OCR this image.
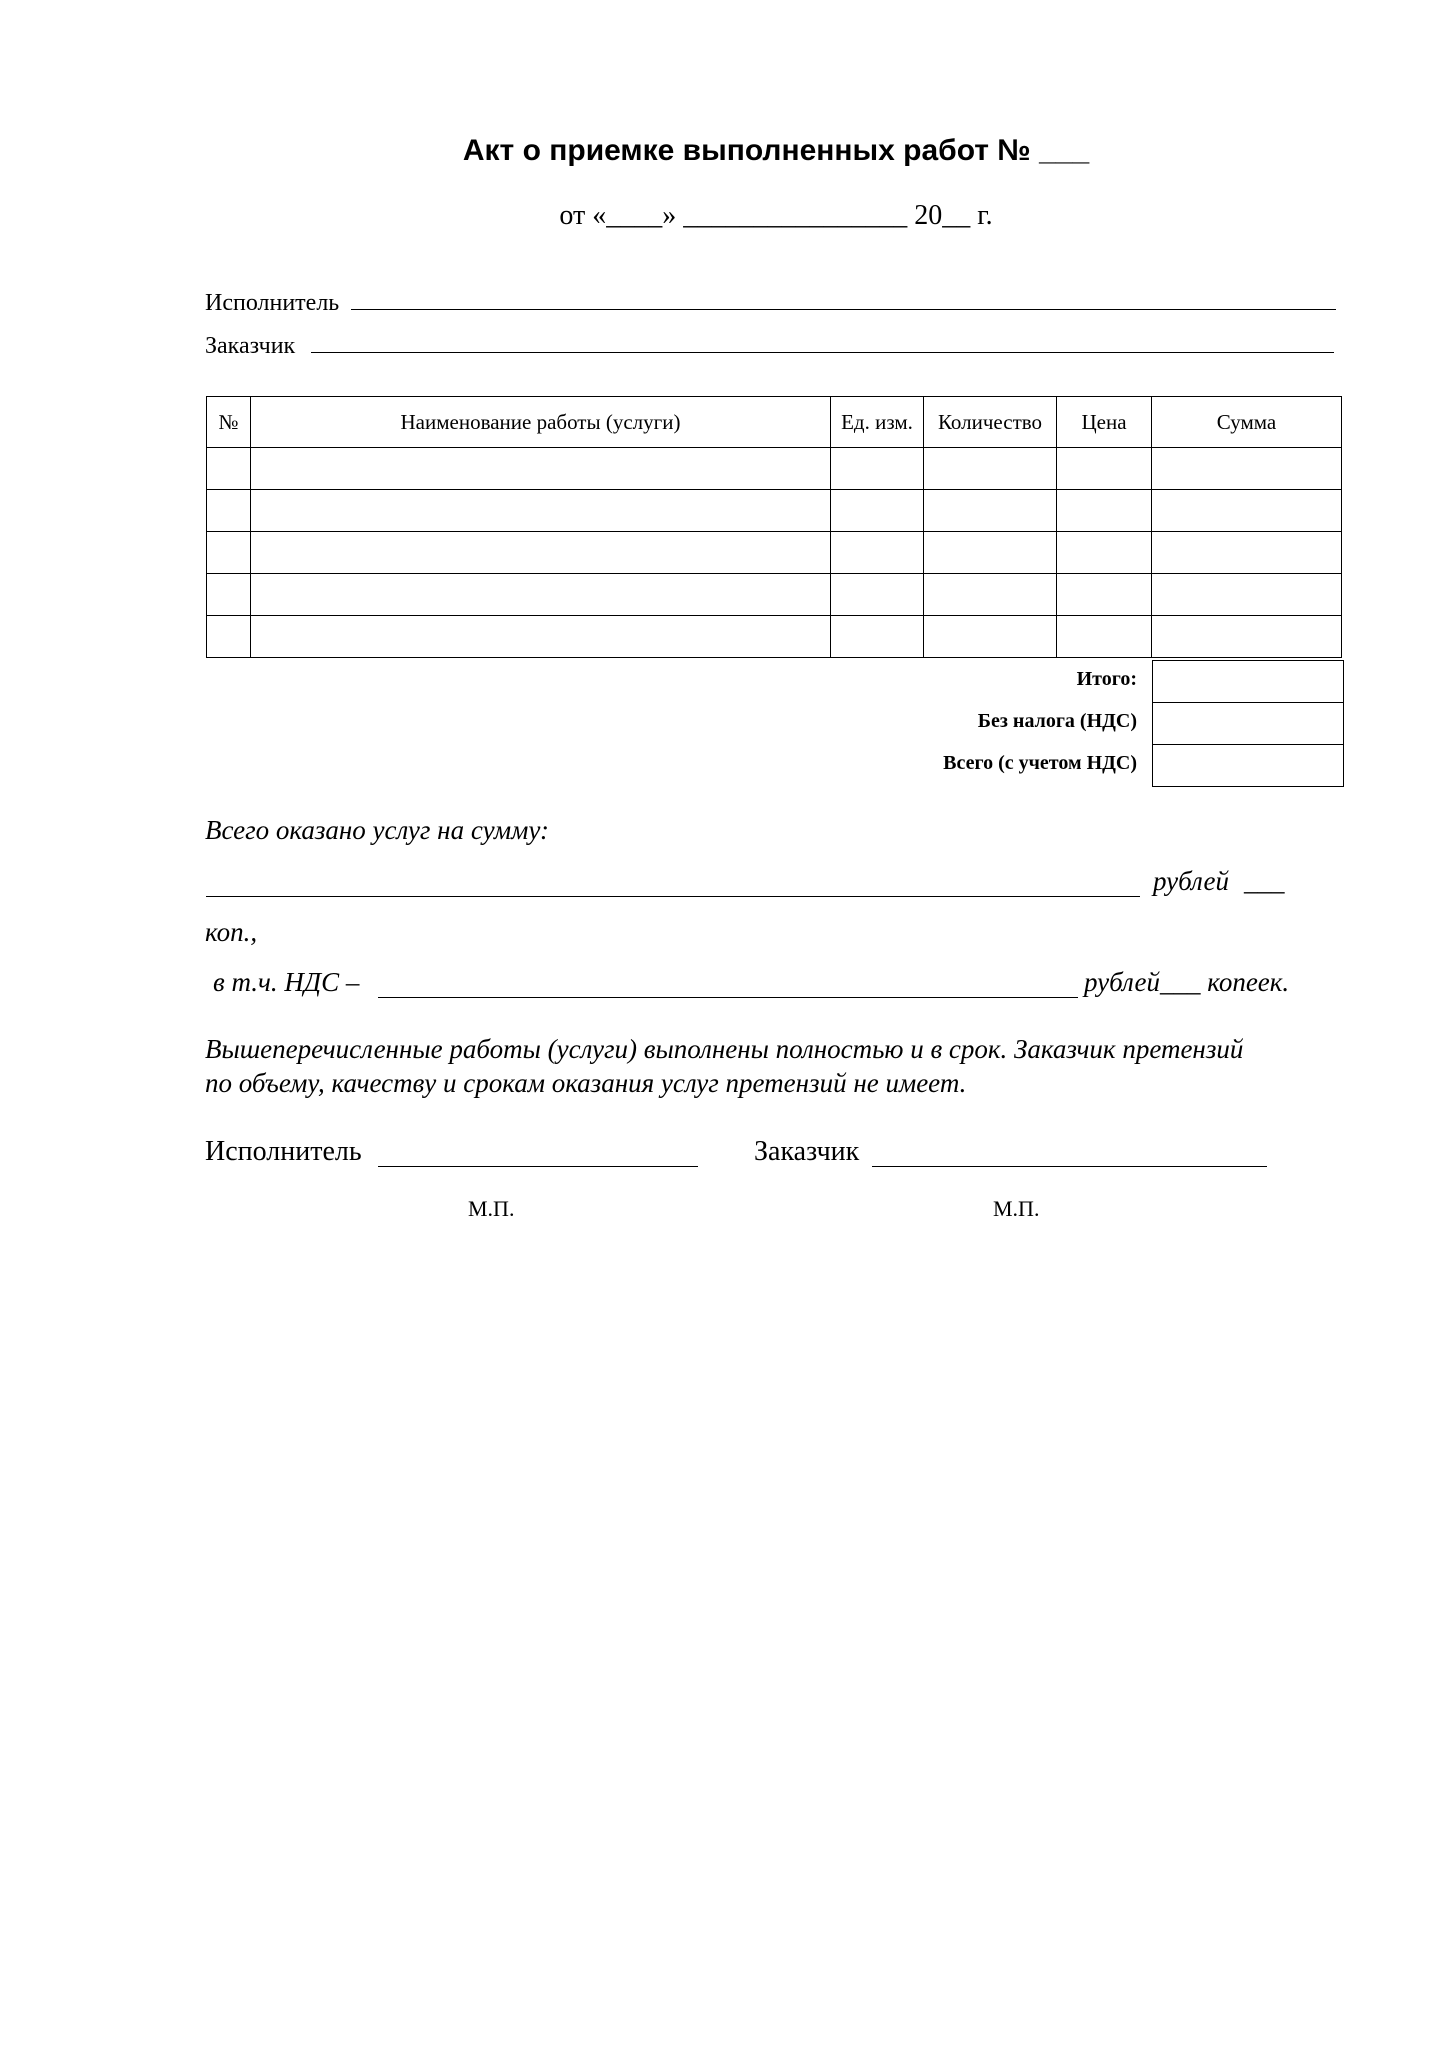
Акт о приемке выполненных работ № ___
от «____» ________________ 20__ г.
Исполнитель
Заказчик
№	Наименование работы (услуги)	Ед. изм.	Количество	Цена	Сумма

Итого:
Без налога (НДС)
Всего (с учетом НДС)

Всего оказано услуг на сумму:
рублей ___
коп.,
в т.ч. НДС –	рублей___ копеек.
Вышеперечисленные работы (услуги) выполнены полностью и в срок. Заказчик претензий
по объему, качеству и срокам оказания услуг претензий не имеет.
Исполнитель	Заказчик
М.П.	М.П.
